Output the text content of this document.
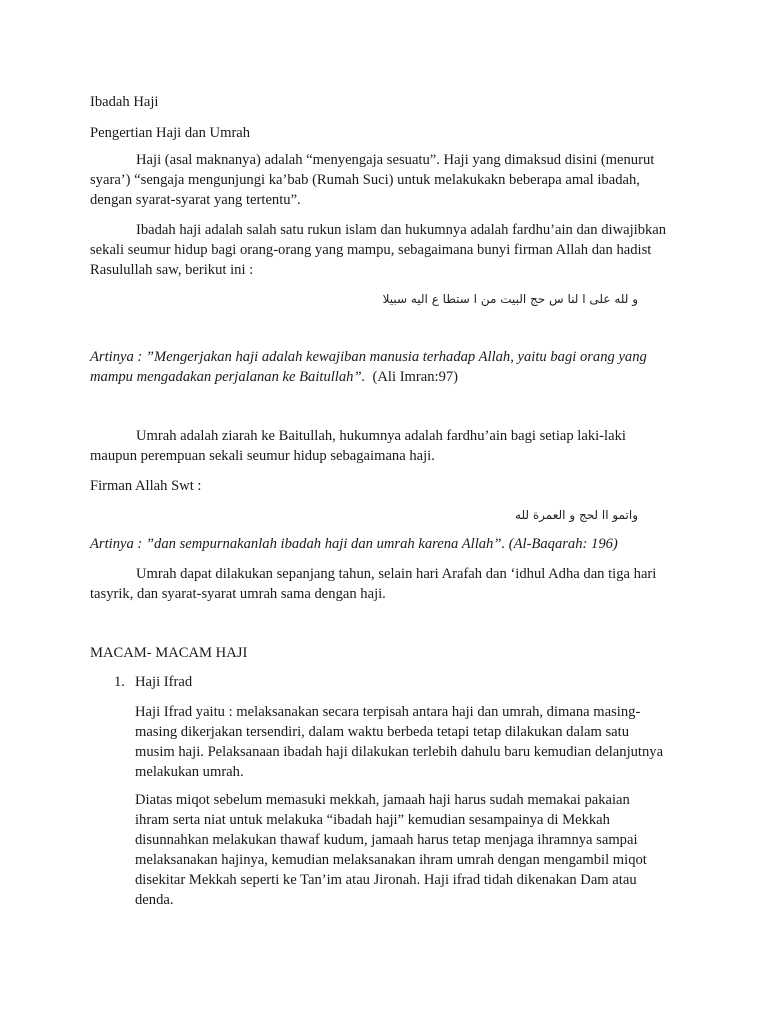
Ibadah Haji

Pengertian Haji dan Umrah

Haji (asal maknanya) adalah “menyengaja sesuatu”. Haji yang dimaksud disini (menurut syara’) “sengaja mengunjungi ka’bab (Rumah Suci) untuk melakukakn beberapa amal ibadah, dengan syarat-syarat yang tertentu”.

Ibadah haji adalah salah satu rukun islam dan hukumnya adalah fardhu’ain dan diwajibkan sekali seumur hidup bagi orang-orang yang mampu, sebagaimana bunyi firman Allah dan hadist Rasulullah saw, berikut ini :

و لله على ا لنا س حج البيت من ا ستطا ع اليه سبيلا

Artinya : ”Mengerjakan haji adalah kewajiban manusia terhadap Allah, yaitu bagi orang yang mampu mengadakan perjalanan ke Baitullah”. (Ali Imran:97)

Umrah adalah ziarah ke Baitullah, hukumnya adalah fardhu’ain bagi setiap laki-laki maupun perempuan sekali seumur hidup sebagaimana haji.

Firman Allah Swt :

واتمو اا لحج و العمرة لله

Artinya : ”dan sempurnakanlah ibadah haji dan umrah karena Allah”. (Al-Baqarah: 196)

Umrah dapat dilakukan sepanjang tahun, selain hari Arafah dan ‘idhul Adha dan tiga hari tasyrik, dan syarat-syarat umrah sama dengan haji.

MACAM- MACAM HAJI

1. Haji Ifrad

Haji Ifrad yaitu : melaksanakan secara terpisah antara haji dan umrah, dimana masing-masing dikerjakan tersendiri, dalam waktu berbeda tetapi tetap dilakukan dalam satu musim haji. Pelaksanaan ibadah haji dilakukan terlebih dahulu baru kemudian delanjutnya melakukan umrah.

Diatas miqot sebelum memasuki mekkah, jamaah haji harus sudah memakai pakaian ihram serta niat untuk melakuka “ibadah haji” kemudian sesampainya di Mekkah disunnahkan melakukan thawaf kudum, jamaah harus tetap menjaga ihramnya sampai melaksanakan hajinya, kemudian melaksanakan ihram umrah dengan mengambil miqot disekitar Mekkah seperti ke Tan’im atau Jironah. Haji ifrad tidah dikenakan Dam atau denda.
